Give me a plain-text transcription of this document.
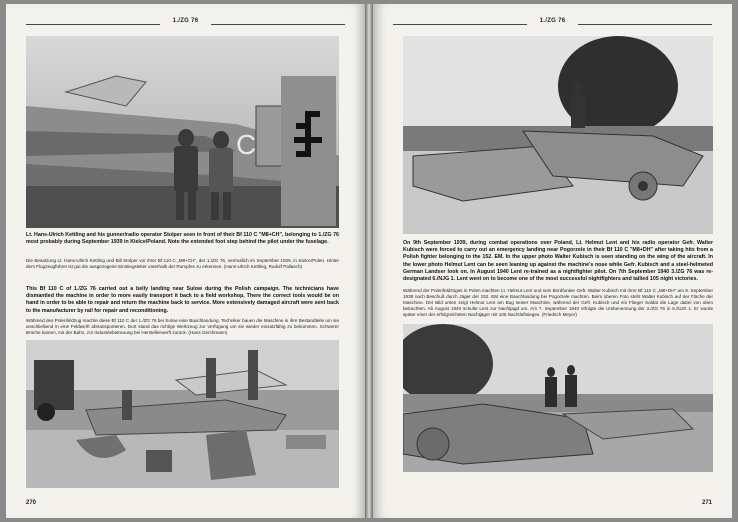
1./ZG 76
C
Lt. Hans-Ulrich Kettling and his gunner/radio operator Stolper seen in front of their Bf 110 C "M8+CH", belonging to 1./ZG 76 most probably during September 1939 in Kielce/Poland. Note the extended foot step behind the pilot under the fuselage.
Die Besatzung Lt. Hans-Ulrich Kettling und Bill Stolper vor ihrer Bf 110 C „M8+CH", der 1./ZG 76, vermutlich im September 1939, in Kielce/Polen. Hinter dem Flugzeugführer ist gut die ausgezogene Einstiegsleiter unterhalb der Rumpfes zu erkennen. (Hans-Ulrich Kettling, Rudolf Pallasch)
This Bf 110 C of 1./ZG 76 carried out a belly landing near Sulow during the Polish campaign. The technicians have dismantled the machine in order to more easily transport it back to a field workshop. There the correct tools would be on hand in order to be able to repair and return the machine back to service. More extensively damaged aircraft were sent back to the manufacturer by rail for repair and reconditioning.
Während des Polenfeldzug machte diese Bf 110 C der 1./ZG 76 bei Sulow eine Bauchlandung. Techniker bauen die Maschine in ihre Bestandteile um sie anschließend in eine Feldwerft abtransportieren. Dort stand das richtige Werkzeug zur Verfügung um sie wieder einsatzfähig zu bekommen. Schwerer Brüche kamen, mit der Bahn, zur Industriebetreuung bei Herstellerwerft zurück. (Hans Gerchmann)
270
1./ZG 76
On 9th September 1939, during combat operations over Poland, Lt. Helmut Lent and his radio operator Gefr. Walter Kubisch were forced to carry out an emergency landing near Pogorzele in their Bf 110 C "M8+DH" after taking hits from a Polish fighter belonging to the 152. EM. In the upper photo Walter Kubisch is seen standing on the wing of the aircraft. In the lower photo Helmut Lent can be seen leaning up against the machine's nose while Gefr. Kubisch and a steel-helmeted German Landser look on. In August 1940 Lent re-trained as a nightfighter pilot. On 7th September 1940 3./ZG 76 was re-designated 6./NJG 1. Lent went on to become one of the most successful nightfighters and tallied 105 night victories.
Während der Polenfeldzüges in Polen machten Lt. Helmut Lent und sein Bordfunker Gefr. Walter Kubisch mit ihrer Bf 110 C „M8+DH" am 9. September 1939 nach Beschuß durch Jäger der 152. EM eine Bauchlandung bei Pogorzele machten. Beim oberen Foto steht Walter Kubisch auf der Fläche der Maschine. Der Bild unten zeigt Helmut Lent am Bug seiner Maschine, während der Gefr. Kubisch und ein Flieger Soldat die Lage dabei von oben betrachten. Ab August 1940 schulte Lent zur Nachtjagd um. Am 7. September 1940 erfolgte die Umbenennung der 3./ZG 76 in 6./NJG 1. Er wurde später einer der erfolgreichsten Nachtjäger mit 105 Nachtluftsiegen. (Friedrich Meyer)
271
